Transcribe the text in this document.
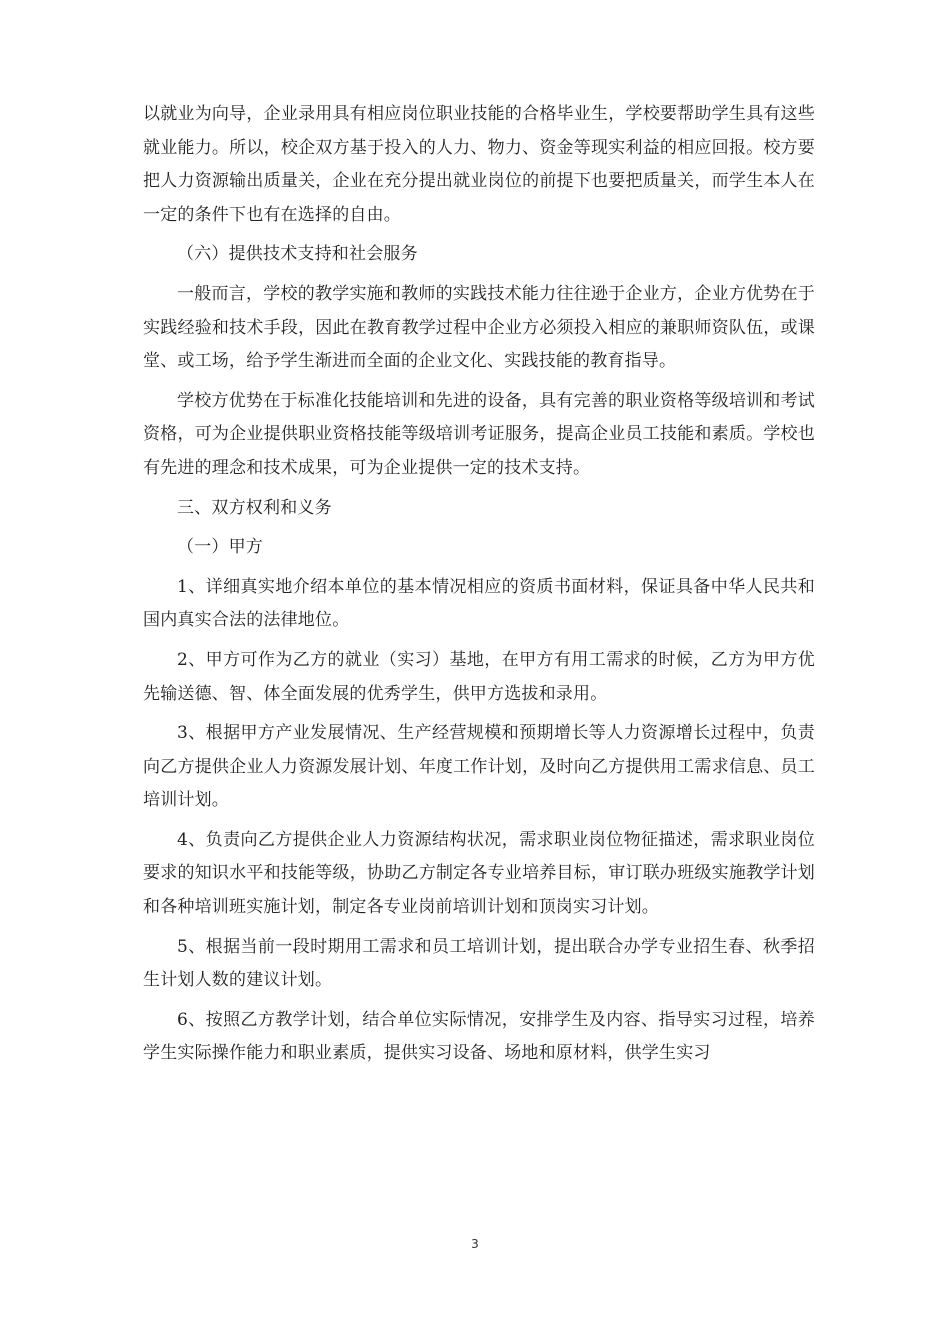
以就业为向导，企业录用具有相应岗位职业技能的合格毕业生，学校要帮助学生具有这些就业能力。所以，校企双方基于投入的人力、物力、资金等现实利益的相应回报。校方要把人力资源输出质量关，企业在充分提出就业岗位的前提下也要把质量关，而学生本人在一定的条件下也有在选择的自由。

（六）提供技术支持和社会服务

一般而言，学校的教学实施和教师的实践技术能力往往逊于企业方，企业方优势在于实践经验和技术手段，因此在教育教学过程中企业方必须投入相应的兼职师资队伍，或课堂、或工场，给予学生渐进而全面的企业文化、实践技能的教育指导。

学校方优势在于标准化技能培训和先进的设备，具有完善的职业资格等级培训和考试资格，可为企业提供职业资格技能等级培训考证服务，提高企业员工技能和素质。学校也有先进的理念和技术成果，可为企业提供一定的技术支持。

三、双方权利和义务

（一）甲方

1、详细真实地介绍本单位的基本情况相应的资质书面材料，保证具备中华人民共和国内真实合法的法律地位。

2、甲方可作为乙方的就业（实习）基地，在甲方有用工需求的时候，乙方为甲方优先输送德、智、体全面发展的优秀学生，供甲方选拔和录用。

3、根据甲方产业发展情况、生产经营规模和预期增长等人力资源增长过程中，负责向乙方提供企业人力资源发展计划、年度工作计划，及时向乙方提供用工需求信息、员工培训计划。

4、负责向乙方提供企业人力资源结构状况，需求职业岗位物征描述，需求职业岗位要求的知识水平和技能等级，协助乙方制定各专业培养目标，审订联办班级实施教学计划和各种培训班实施计划，制定各专业岗前培训计划和顶岗实习计划。

5、根据当前一段时期用工需求和员工培训计划，提出联合办学专业招生春、秋季招生计划人数的建议计划。

6、按照乙方教学计划，结合单位实际情况，安排学生及内容、指导实习过程，培养学生实际操作能力和职业素质，提供实习设备、场地和原材料，供学生实习

3
